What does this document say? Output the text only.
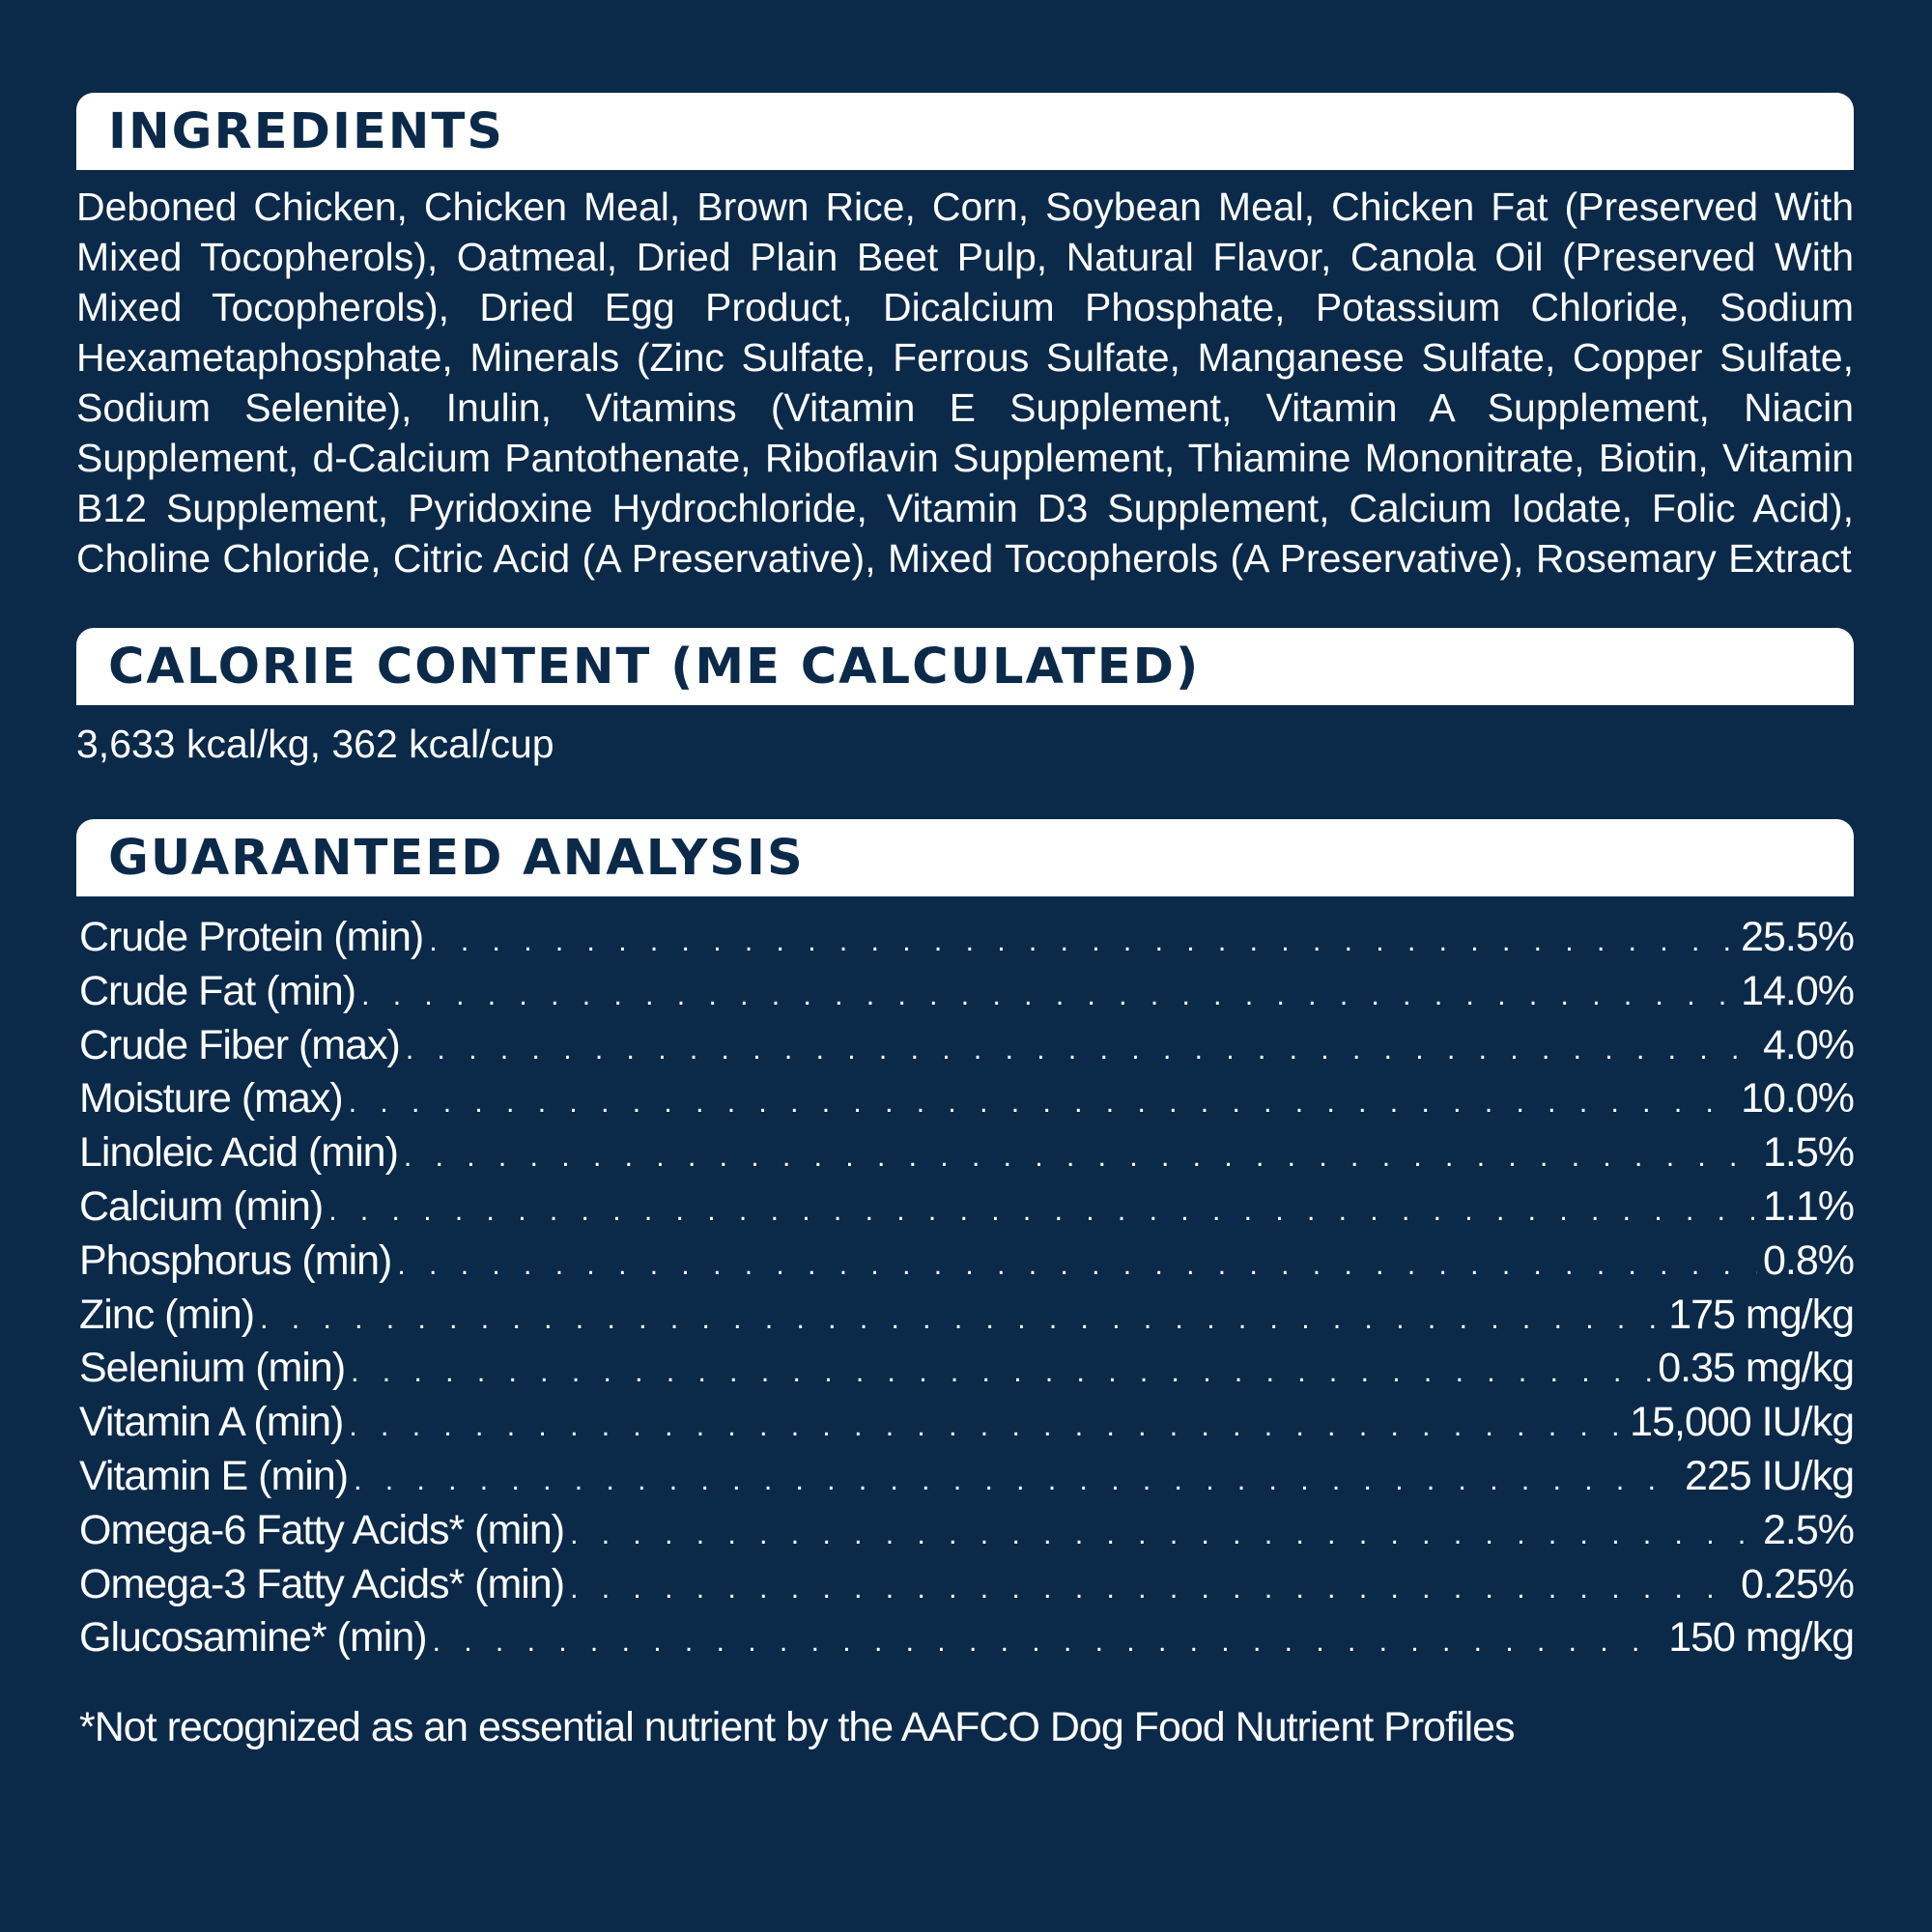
INGREDIENTS
Deboned Chicken, Chicken Meal, Brown Rice, Corn, Soybean Meal, Chicken Fat (Preserved With Mixed Tocopherols), Oatmeal, Dried Plain Beet Pulp, Natural Flavor, Canola Oil (Preserved With Mixed Tocopherols), Dried Egg Product, Dicalcium Phosphate, Potassium Chloride, Sodium Hexametaphosphate, Minerals (Zinc Sulfate, Ferrous Sulfate, Manganese Sulfate, Copper Sulfate, Sodium Selenite), Inulin, Vitamins (Vitamin E Supplement, Vitamin A Supplement, Niacin Supplement, d-Calcium Pantothenate, Riboflavin Supplement, Thiamine Mononitrate, Biotin, Vitamin B12 Supplement, Pyridoxine Hydrochloride, Vitamin D3 Supplement, Calcium Iodate, Folic Acid), Choline Chloride, Citric Acid (A Preservative), Mixed Tocopherols (A Preservative), Rosemary Extract
CALORIE CONTENT (ME CALCULATED)
3,633 kcal/kg, 362 kcal/cup
GUARANTEED ANALYSIS
Crude Protein (min) . . .	25.5%
Crude Fat (min) . . .	14.0%
Crude Fiber (max) . . .	4.0%
Moisture (max) . . .	10.0%
Linoleic Acid (min) . . .	1.5%
Calcium (min) . . .	1.1%
Phosphorus (min) . . .	0.8%
Zinc (min) . . .	175 mg/kg
Selenium (min) . . .	0.35 mg/kg
Vitamin A (min) . . .	15,000 IU/kg
Vitamin E (min) . . .	225 IU/kg
Omega-6 Fatty Acids* (min) . . .	2.5%
Omega-3 Fatty Acids* (min) . . .	0.25%
Glucosamine* (min) . . .	150 mg/kg
*Not recognized as an essential nutrient by the AAFCO Dog Food Nutrient Profiles
